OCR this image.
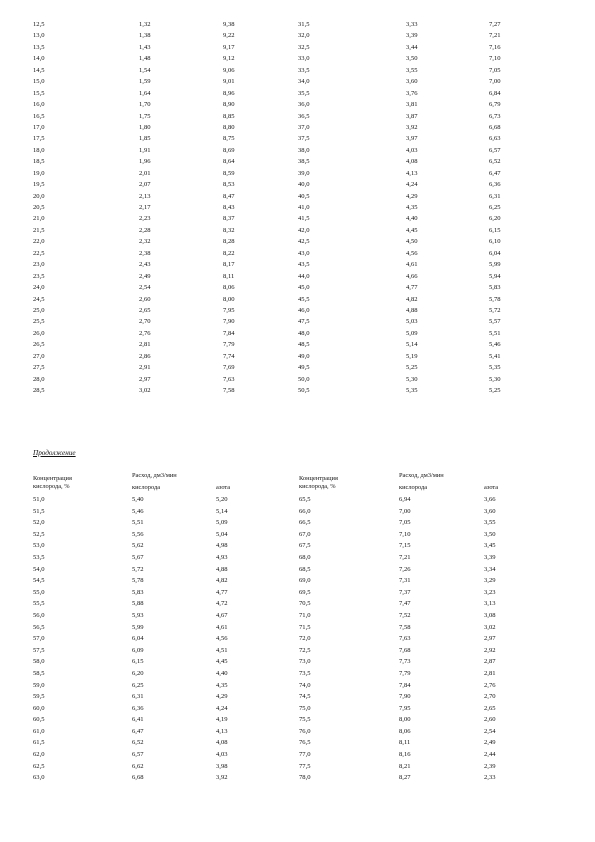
12,5	1,32	9,38	31,5	3,33	7,27
13,0	1,38	9,22	32,0	3,39	7,21
13,5	1,43	9,17	32,5	3,44	7,16
14,0	1,48	9,12	33,0	3,50	7,10
14,5	1,54	9,06	33,5	3,55	7,05
15,0	1,59	9,01	34,0	3,60	7,00
15,5	1,64	8,96	35,5	3,76	6,84
16,0	1,70	8,90	36,0	3,81	6,79
16,5	1,75	8,85	36,5	3,87	6,73
17,0	1,80	8,80	37,0	3,92	6,68
17,5	1,85	8,75	37,5	3,97	6,63
18,0	1,91	8,69	38,0	4,03	6,57
18,5	1,96	8,64	38,5	4,08	6,52
19,0	2,01	8,59	39,0	4,13	6,47
19,5	2,07	8,53	40,0	4,24	6,36
20,0	2,13	8,47	40,5	4,29	6,31
20,5	2,17	8,43	41,0	4,35	6,25
21,0	2,23	8,37	41,5	4,40	6,20
21,5	2,28	8,32	42,0	4,45	6,15
22,0	2,32	8,28	42,5	4,50	6,10
22,5	2,38	8,22	43,0	4,56	6,04
23,0	2,43	8,17	43,5	4,61	5,99
23,5	2,49	8,11	44,0	4,66	5,94
24,0	2,54	8,06	45,0	4,77	5,83
24,5	2,60	8,00	45,5	4,82	5,78
25,0	2,65	7,95	46,0	4,88	5,72
25,5	2,70	7,90	47,5	5,03	5,57
26,0	2,76	7,84	48,0	5,09	5,51
26,5	2,81	7,79	48,5	5,14	5,46
27,0	2,86	7,74	49,0	5,19	5,41
27,5	2,91	7,69	49,5	5,25	5,35
28,0	2,97	7,63	50,0	5,30	5,30
28,5	3,02	7,58	50,5	5,35	5,25
Продолжение
Концентрация
кислорода, %
Расход, дм3/мин
кислорода	азота
Концентрация
кислорода, %
Расход, дм3/мин
кислорода	азота
51,0	5,40	5,20	65,5	6,94	3,66
51,5	5,46	5,14	66,0	7,00	3,60
52,0	5,51	5,09	66,5	7,05	3,55
52,5	5,56	5,04	67,0	7,10	3,50
53,0	5,62	4,98	67,5	7,15	3,45
53,5	5,67	4,93	68,0	7,21	3,39
54,0	5,72	4,88	68,5	7,26	3,34
54,5	5,78	4,82	69,0	7,31	3,29
55,0	5,83	4,77	69,5	7,37	3,23
55,5	5,88	4,72	70,5	7,47	3,13
56,0	5,93	4,67	71,0	7,52	3,08
56,5	5,99	4,61	71,5	7,58	3,02
57,0	6,04	4,56	72,0	7,63	2,97
57,5	6,09	4,51	72,5	7,68	2,92
58,0	6,15	4,45	73,0	7,73	2,87
58,5	6,20	4,40	73,5	7,79	2,81
59,0	6,25	4,35	74,0	7,84	2,76
59,5	6,31	4,29	74,5	7,90	2,70
60,0	6,36	4,24	75,0	7,95	2,65
60,5	6,41	4,19	75,5	8,00	2,60
61,0	6,47	4,13	76,0	8,06	2,54
61,5	6,52	4,08	76,5	8,11	2,49
62,0	6,57	4,03	77,0	8,16	2,44
62,5	6,62	3,98	77,5	8,21	2,39
63,0	6,68	3,92	78,0	8,27	2,33
